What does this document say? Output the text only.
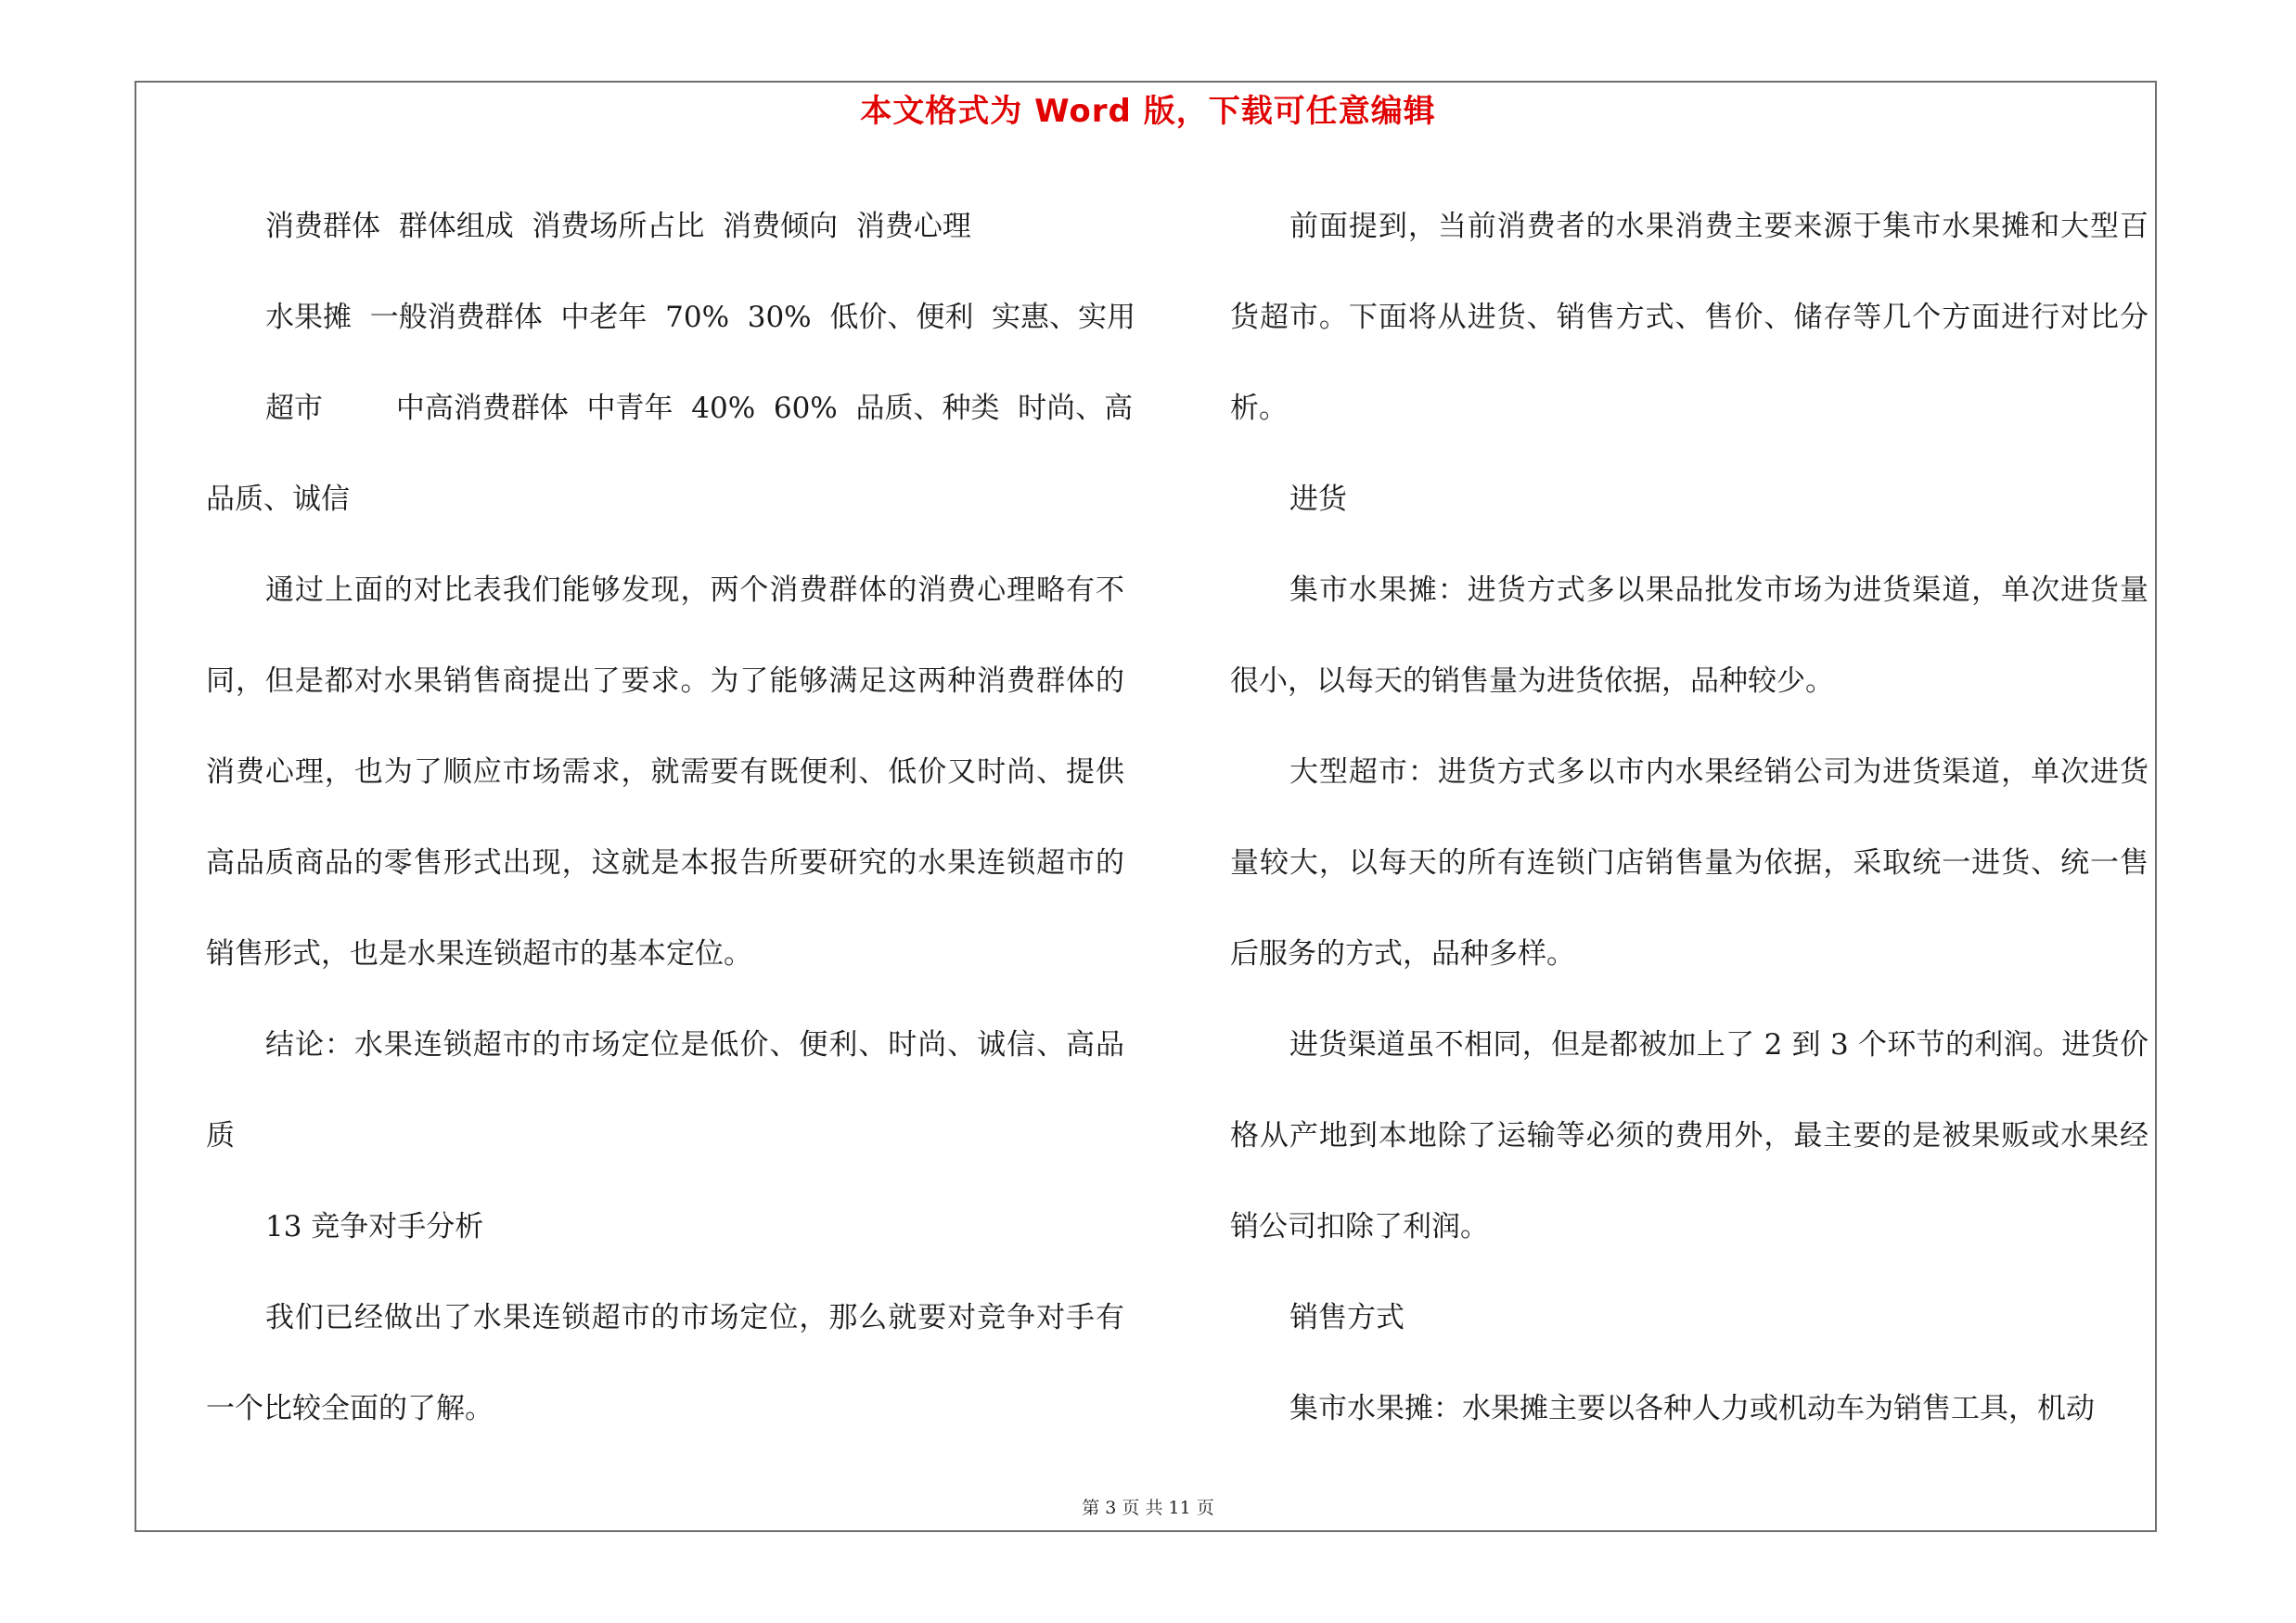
本文格式为 Word 版，下载可任意编辑

消费群体  群体组成  消费场所占比  消费倾向  消费心理

水果摊  一般消费群体  中老年  70%  30%  低价、便利  实惠、实用

超市        中高消费群体  中青年  40%  60%  品质、种类  时尚、高

品质、诚信

通过上面的对比表我们能够发现，两个消费群体的消费心理略有不同，但是都对水果销售商提出了要求。为了能够满足这两种消费群体的消费心理，也为了顺应市场需求，就需要有既便利、低价又时尚、提供高品质商品的零售形式出现，这就是本报告所要研究的水果连锁超市的销售形式，也是水果连锁超市的基本定位。

结论：水果连锁超市的市场定位是低价、便利、时尚、诚信、高品质

13 竞争对手分析

我们已经做出了水果连锁超市的市场定位，那么就要对竞争对手有一个比较全面的了解。

前面提到，当前消费者的水果消费主要来源于集市水果摊和大型百货超市。下面将从进货、销售方式、售价、储存等几个方面进行对比分析。

进货

集市水果摊：进货方式多以果品批发市场为进货渠道，单次进货量很小，以每天的销售量为进货依据，品种较少。

大型超市：进货方式多以市内水果经销公司为进货渠道，单次进货量较大，以每天的所有连锁门店销售量为依据，采取统一进货、统一售后服务的方式，品种多样。

进货渠道虽不相同，但是都被加上了 2 到 3 个环节的利润。进货价格从产地到本地除了运输等必须的费用外，最主要的是被果贩或水果经销公司扣除了利润。

销售方式

集市水果摊：水果摊主要以各种人力或机动车为销售工具，机动

第 3 页 共 11 页
